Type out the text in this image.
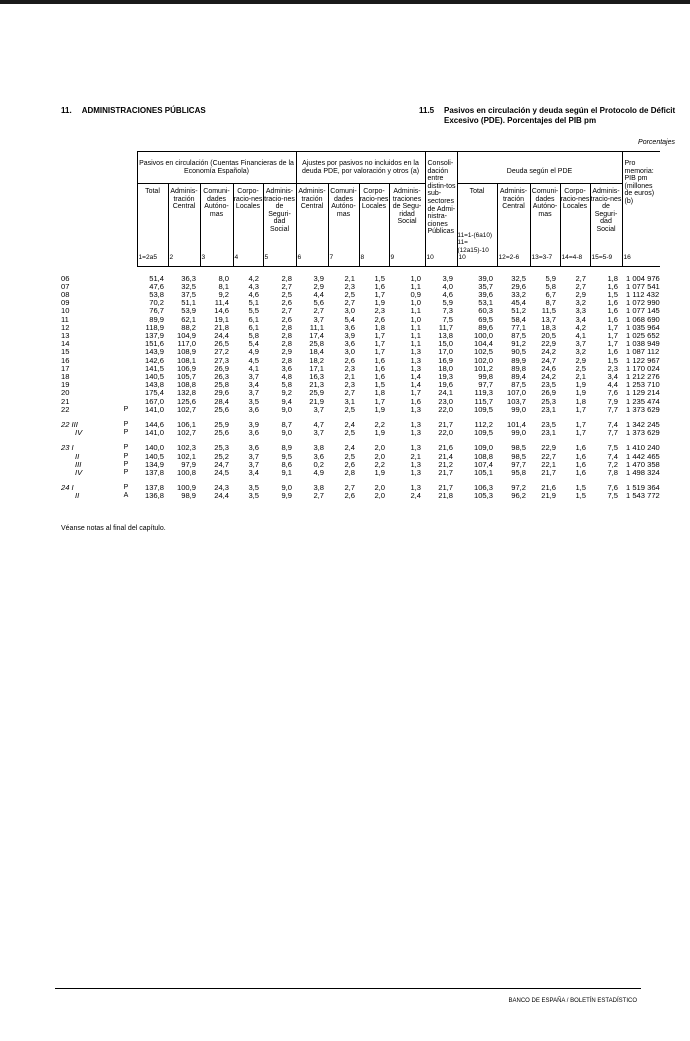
11. ADMINISTRACIONES PÚBLICAS	11.5 Pasivos en circulación y deuda según el Protocolo de Déficit Excesivo (PDE). Porcentajes del PIB pm
Porcentajes
		Pasivos en circulación (Cuentas Financieras de la Economía Española)					Ajustes por pasivos no incluidos en la deuda PDE, por valoración y otros (a)				Consoli-dación entre distin-tos sub-sectores de Admi-nistra-ciones Públicas	Deuda según el PDE					Pro memoria: PIB pm (millones de euros) (b)
		Total	Adminis-tración Central	Comuni-dades Autóno-mas	Corpo-racio-nes Locales	Adminis-tracio-nes de Seguri-dad Social	Adminis-tración Central	Comuni-dades Autóno-mas	Corpo-racio-nes Locales	Adminis-traciones de Segu-ridad Social		Total
11=1-(6a10) 11=(12a15)-10	Adminis-tración Central	Comuni-dades Autóno-mas	Corpo-racio-nes Locales	Adminis-tracio-nes de Seguri-dad Social	
		1=2a5	2	3	4	5	6	7	8	9	10	10	12=2-6	13=3-7	14=4-8	15=5-9	16

06		51,4	36,3	8,0	4,2	2,8	3,9	2,1	1,5	1,0	3,9	39,0	32,5	5,9	2,7	1,8	1 004 976
07		47,6	32,5	8,1	4,3	2,7	2,9	2,3	1,6	1,1	4,0	35,7	29,6	5,8	2,7	1,6	1 077 541
08		53,8	37,5	9,2	4,6	2,5	4,4	2,5	1,7	0,9	4,6	39,6	33,2	6,7	2,9	1,5	1 112 432
09		70,2	51,1	11,4	5,1	2,6	5,6	2,7	1,9	1,0	5,9	53,1	45,4	8,7	3,2	1,6	1 072 990
10		76,7	53,9	14,6	5,5	2,7	2,7	3,0	2,3	1,1	7,3	60,3	51,2	11,5	3,3	1,6	1 077 145
11		89,9	62,1	19,1	6,1	2,6	3,7	5,4	2,6	1,0	7,5	69,5	58,4	13,7	3,4	1,6	1 068 690
12		118,9	88,2	21,8	6,1	2,8	11,1	3,6	1,8	1,1	11,7	89,6	77,1	18,3	4,2	1,7	1 035 964
13		137,9	104,9	24,4	5,8	2,8	17,4	3,9	1,7	1,1	13,8	100,0	87,5	20,5	4,1	1,7	1 025 652
14		151,6	117,0	26,5	5,4	2,8	25,8	3,6	1,7	1,1	15,0	104,4	91,2	22,9	3,7	1,7	1 038 949
15		143,9	108,9	27,2	4,9	2,9	18,4	3,0	1,7	1,3	17,0	102,5	90,5	24,2	3,2	1,6	1 087 112
16		142,6	108,1	27,3	4,5	2,8	18,2	2,6	1,6	1,3	16,9	102,0	89,9	24,7	2,9	1,5	1 122 967
17		141,5	106,9	26,9	4,1	3,6	17,1	2,3	1,6	1,3	18,0	101,2	89,8	24,6	2,5	2,3	1 170 024
18		140,5	105,7	26,3	3,7	4,8	16,3	2,1	1,6	1,4	19,3	99,8	89,4	24,2	2,1	3,4	1 212 276
19		143,8	108,8	25,8	3,4	5,8	21,3	2,3	1,5	1,4	19,6	97,7	87,5	23,5	1,9	4,4	1 253 710
20		175,4	132,8	29,6	3,7	9,2	25,9	2,7	1,8	1,7	24,1	119,3	107,0	26,9	1,9	7,6	1 129 214
21		167,0	125,6	28,4	3,5	9,4	21,9	3,1	1,7	1,6	23,0	115,7	103,7	25,3	1,8	7,9	1 235 474
22	P	141,0	102,7	25,6	3,6	9,0	3,7	2,5	1,9	1,3	22,0	109,5	99,0	23,1	1,7	7,7	1 373 629

22 III	P	144,6	106,1	25,9	3,9	8,7	4,7	2,4	2,2	1,3	21,7	112,2	101,4	23,5	1,7	7,4	1 342 245
IV	P	141,0	102,7	25,6	3,6	9,0	3,7	2,5	1,9	1,3	22,0	109,5	99,0	23,1	1,7	7,7	1 373 629

23 I	P	140,0	102,3	25,3	3,6	8,9	3,8	2,4	2,0	1,3	21,6	109,0	98,5	22,9	1,6	7,5	1 410 240
II	P	140,5	102,1	25,2	3,7	9,5	3,6	2,5	2,0	2,1	21,4	108,8	98,5	22,7	1,6	7,4	1 442 465
III	P	134,9	97,9	24,7	3,7	8,6	0,2	2,6	2,2	1,3	21,2	107,4	97,7	22,1	1,6	7,2	1 470 358
IV	P	137,8	100,8	24,5	3,4	9,1	4,9	2,8	1,9	1,3	21,7	105,1	95,8	21,7	1,6	7,8	1 498 324

24 I	P	137,8	100,9	24,3	3,5	9,0	3,8	2,7	2,0	1,3	21,7	106,3	97,2	21,6	1,5	7,6	1 519 364
II	A	136,8	98,9	24,4	3,5	9,9	2,7	2,6	2,0	2,4	21,8	105,3	96,2	21,9	1,5	7,5	1 543 772
Véanse notas al final del capítulo.
BANCO DE ESPAÑA / BOLETÍN ESTADÍSTICO
